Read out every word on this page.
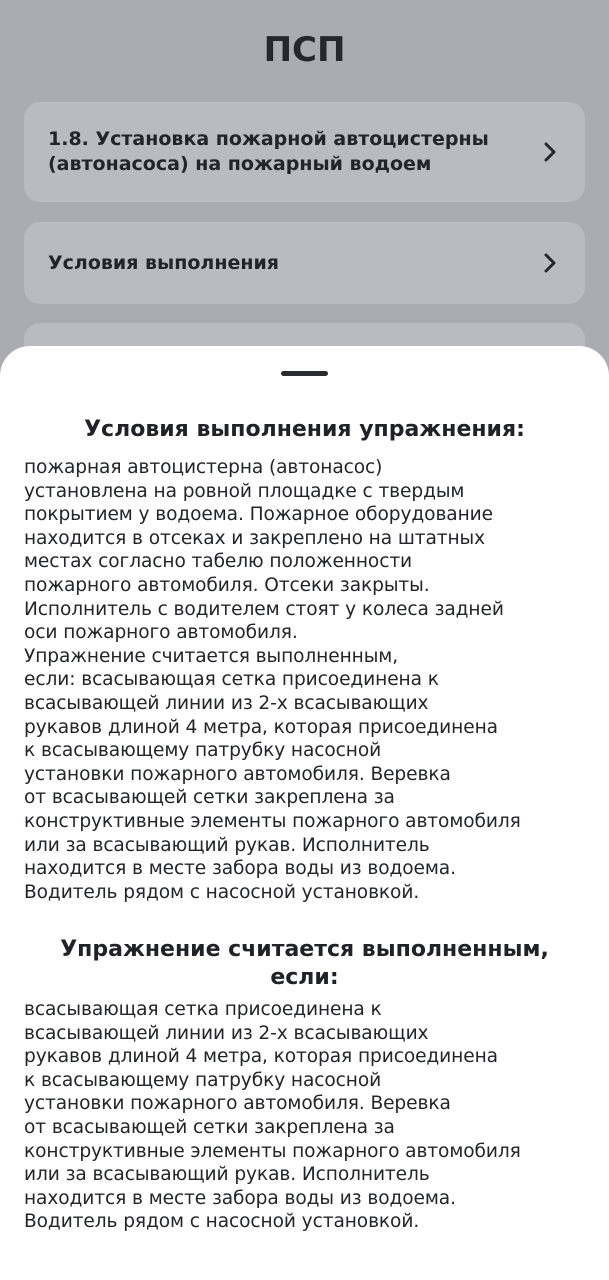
ПСП
1.8. Установка пожарной автоцистерны
(автонасоса) на пожарный водоем
Условия выполнения
Условия выполнения упражнения:
пожарная автоцистерна (автонасос)
установлена на ровной площадке с твердым
покрытием у водоема. Пожарное оборудование
находится в отсеках и закреплено на штатных
местах согласно табелю положенности
пожарного автомобиля. Отсеки закрыты.
Исполнитель с водителем стоят у колеса задней
оси пожарного автомобиля.
Упражнение считается выполненным,
если: всасывающая сетка присоединена к
всасывающей линии из 2-х всасывающих
рукавов длиной 4 метра, которая присоединена
к всасывающему патрубку насосной
установки пожарного автомобиля. Веревка
от всасывающей сетки закреплена за
конструктивные элементы пожарного автомобиля
или за всасывающий рукав. Исполнитель
находится в месте забора воды из водоема.
Водитель рядом с насосной установкой.
Упражнение считается выполненным,
если:
всасывающая сетка присоединена к
всасывающей линии из 2-х всасывающих
рукавов длиной 4 метра, которая присоединена
к всасывающему патрубку насосной
установки пожарного автомобиля. Веревка
от всасывающей сетки закреплена за
конструктивные элементы пожарного автомобиля
или за всасывающий рукав. Исполнитель
находится в месте забора воды из водоема.
Водитель рядом с насосной установкой.
